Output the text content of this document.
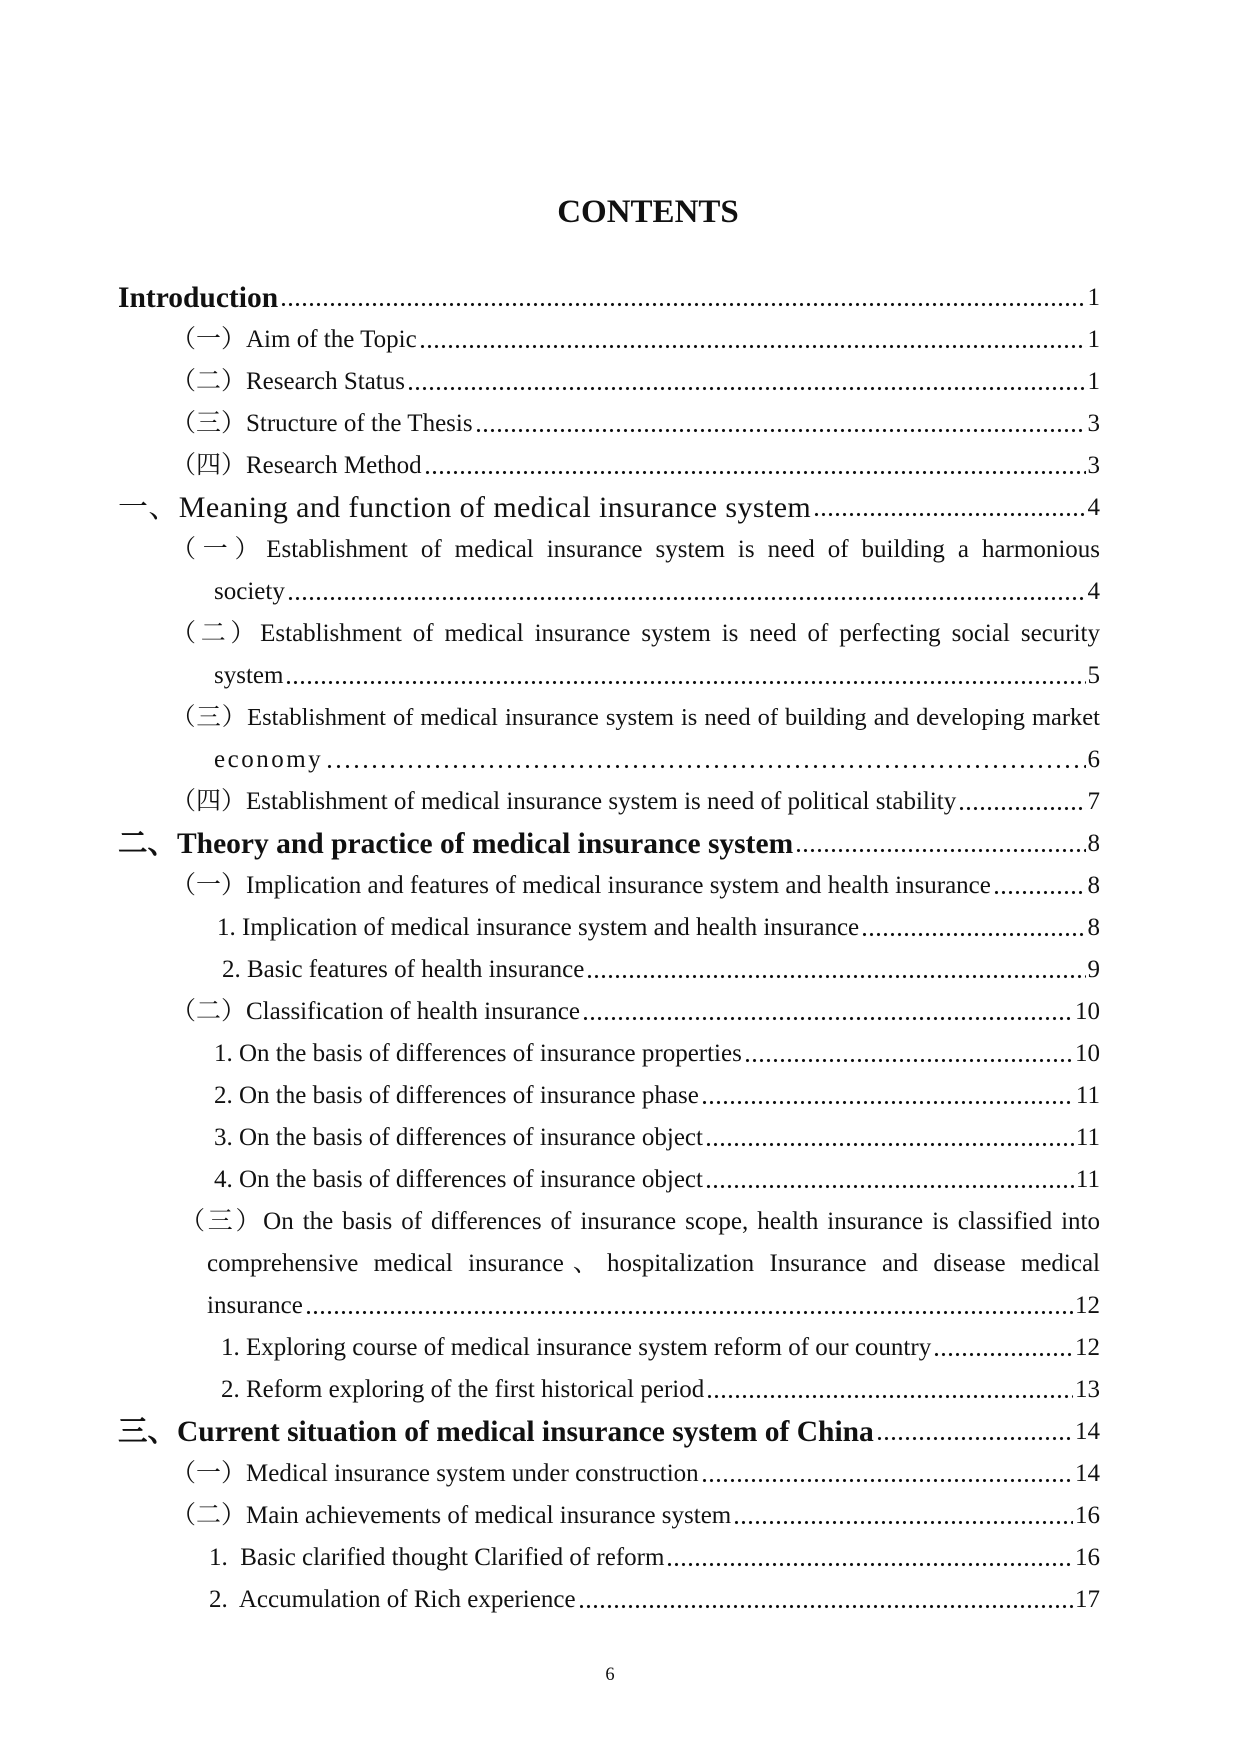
CONTENTS
Introduction	1
（一）Aim of the Topic	1
（二）Research Status	1
（三）Structure of the Thesis	3
（四）Research Method	3
一、Meaning and function of medical insurance system	4
（一）Establishment of medical insurance system is need of building a harmonious
society	4
（二）Establishment of medical insurance system is need of perfecting social security
system	5
（三）Establishment of medical insurance system is need of building and developing market
economy	6
（四）Establishment of medical insurance system is need of political stability	7
二、Theory and practice of medical insurance system	8
（一）Implication and features of medical insurance system and health insurance	8
1. Implication of medical insurance system and health insurance	8
2. Basic features of health insurance	9
（二）Classification of health insurance	10
1. On the basis of differences of insurance properties	10
2. On the basis of differences of insurance phase	11
3. On the basis of differences of insurance object	11
4. On the basis of differences of insurance object	11
（三）On the basis of differences of insurance scope, health insurance is classified into
comprehensive medical insurance、hospitalization Insurance and disease medical
insurance	12
1. Exploring course of medical insurance system reform of our country	12
2. Reform exploring of the first historical period	13
三、Current situation of medical insurance system of China	14
（一）Medical insurance system under construction	14
（二）Main achievements of medical insurance system	16
1.  Basic clarified thought Clarified of reform	16
2.  Accumulation of Rich experience	17
6
